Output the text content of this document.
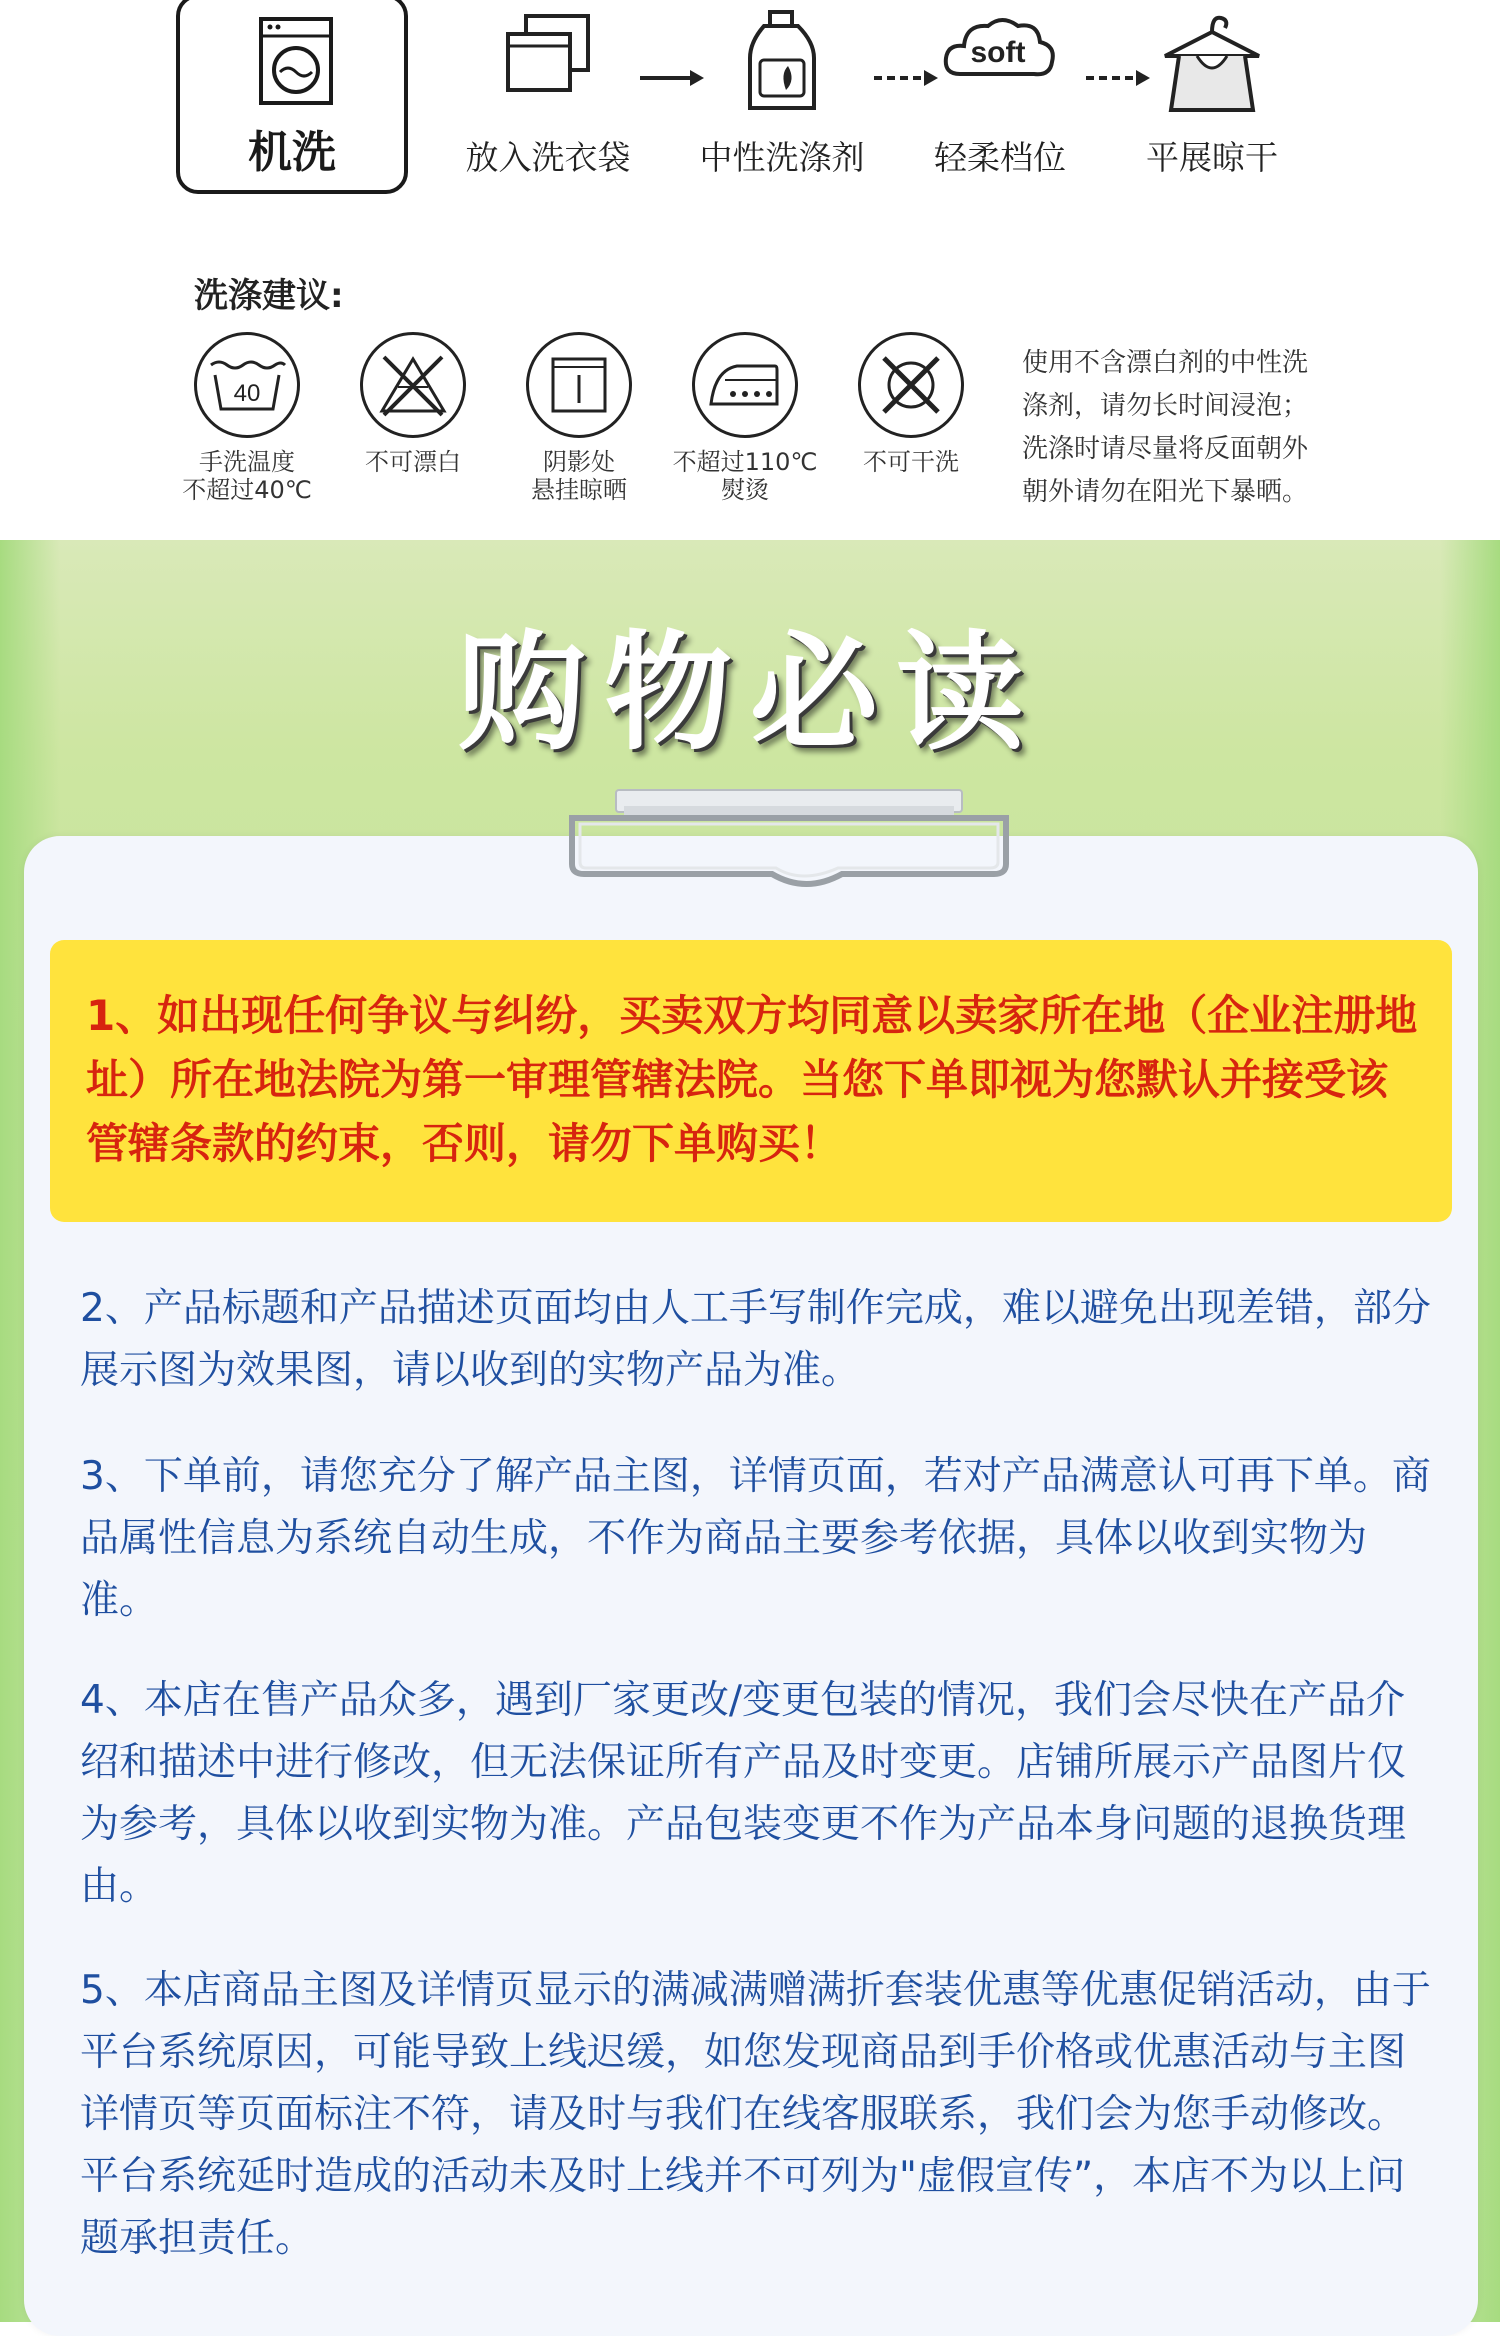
机洗	放入洗衣袋	中性洗涤剂
soft
轻柔档位	平展晾干
洗涤建议:
40
手洗温度
不超过40℃
不可漂白	阴影处
悬挂晾晒
不超过110℃
熨烫
不可干洗
使用不含漂白剂的中性洗
涤剂，请勿长时间浸泡；
洗涤时请尽量将反面朝外
朝外请勿在阳光下暴晒。
购物必读

1、如出现任何争议与纠纷，买卖双方均同意以卖家所在地（企业注册地址）所在地法院为第一审理管辖法院。当您下单即视为您默认并接受该管辖条款的约束，否则，请勿下单购买！

2、产品标题和产品描述页面均由人工手写制作完成，难以避免出现差错，部分展示图为效果图，请以收到的实物产品为准。

3、下单前，请您充分了解产品主图，详情页面，若对产品满意认可再下单。商品属性信息为系统自动生成，不作为商品主要参考依据，具体以收到实物为准。

4、本店在售产品众多，遇到厂家更改/变更包装的情况，我们会尽快在产品介绍和描述中进行修改，但无法保证所有产品及时变更。店铺所展示产品图片仅为参考，具体以收到实物为准。产品包装变更不作为产品本身问题的退换货理由。

5、本店商品主图及详情页显示的满减满赠满折套装优惠等优惠促销活动，由于平台系统原因，可能导致上线迟缓，如您发现商品到手价格或优惠活动与主图详情页等页面标注不符，请及时与我们在线客服联系，我们会为您手动修改。平台系统延时造成的活动未及时上线并不可列为"虚假宣传”，本店不为以上问题承担责任。
